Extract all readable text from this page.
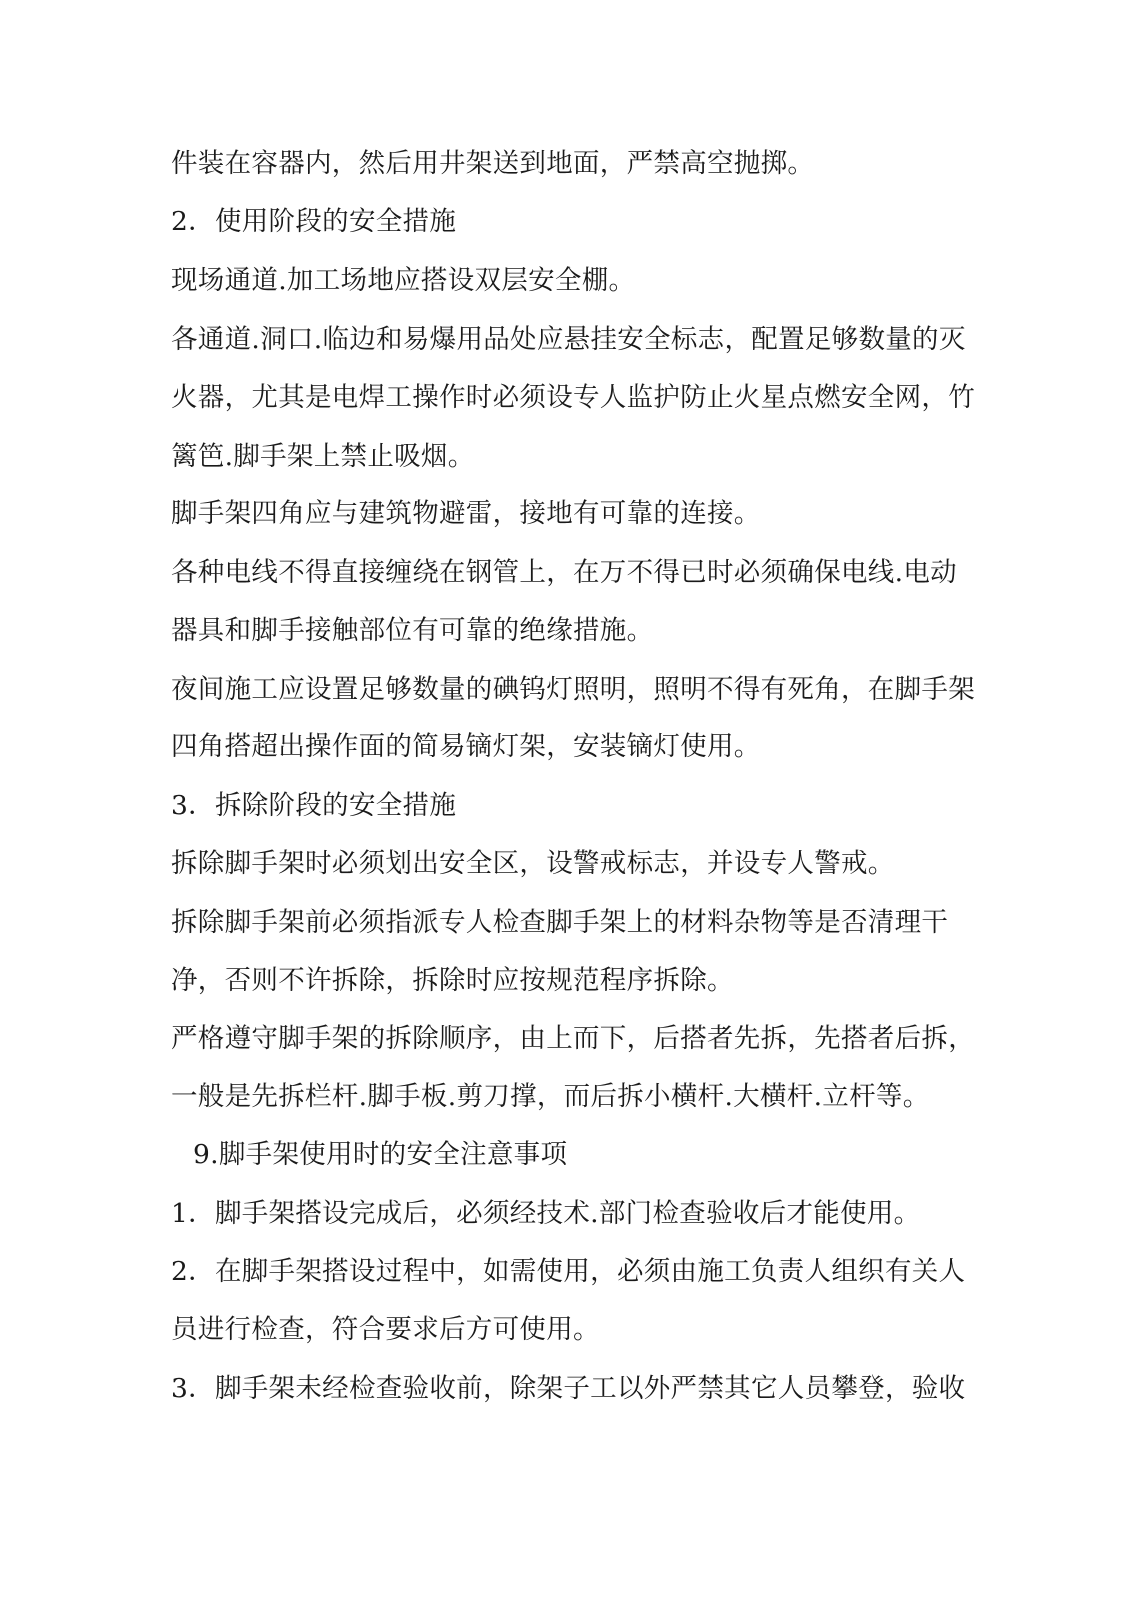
件装在容器内，然后用井架送到地面，严禁高空抛掷。
2．使用阶段的安全措施
现场通道.加工场地应搭设双层安全棚。
各通道.洞口.临边和易爆用品处应悬挂安全标志，配置足够数量的灭
火器，尤其是电焊工操作时必须设专人监护防止火星点燃安全网，竹
篱笆.脚手架上禁止吸烟。
脚手架四角应与建筑物避雷，接地有可靠的连接。
各种电线不得直接缠绕在钢管上，在万不得已时必须确保电线.电动
器具和脚手接触部位有可靠的绝缘措施。
夜间施工应设置足够数量的碘钨灯照明，照明不得有死角，在脚手架
四角搭超出操作面的简易镝灯架，安装镝灯使用。
3．拆除阶段的安全措施
拆除脚手架时必须划出安全区，设警戒标志，并设专人警戒。
拆除脚手架前必须指派专人检查脚手架上的材料杂物等是否清理干
净，否则不许拆除，拆除时应按规范程序拆除。
严格遵守脚手架的拆除顺序，由上而下，后搭者先拆，先搭者后拆，
一般是先拆栏杆.脚手板.剪刀撑，而后拆小横杆.大横杆.立杆等。
9.脚手架使用时的安全注意事项
1．脚手架搭设完成后，必须经技术.部门检查验收后才能使用。
2．在脚手架搭设过程中，如需使用，必须由施工负责人组织有关人
员进行检查，符合要求后方可使用。
3．脚手架未经检查验收前，除架子工以外严禁其它人员攀登，验收
